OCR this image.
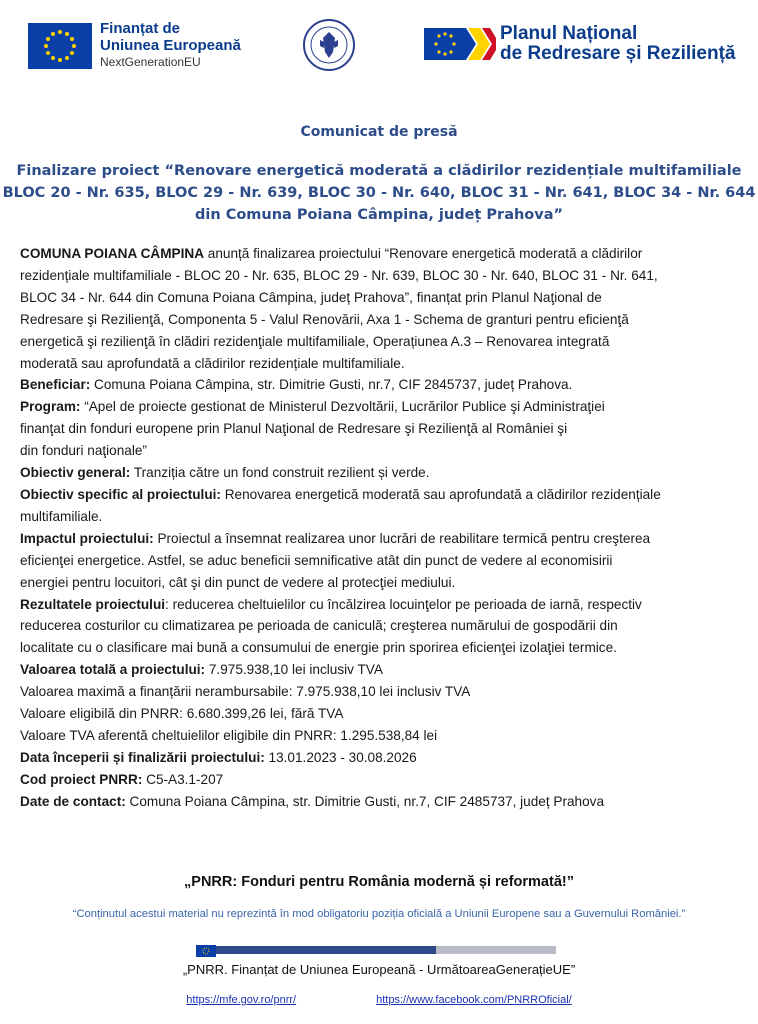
Finanțat de
Uniunea Europeană
NextGenerationEU
Planul Național
de Redresare și Reziliență
Comunicat de presă
Finalizare proiect “Renovare energetică moderată a clădirilor rezidențiale multifamiliale
BLOC 20 - Nr. 635, BLOC 29 - Nr. 639, BLOC 30 - Nr. 640, BLOC 31 - Nr. 641, BLOC 34 - Nr. 644
din Comuna Poiana Câmpina, județ Prahova”

COMUNA POIANA CÂMPINA anunță finalizarea proiectului “Renovare energetică moderată a clădirilor
rezidențiale multifamiliale - BLOC 20 - Nr. 635, BLOC 29 - Nr. 639, BLOC 30 - Nr. 640, BLOC 31 - Nr. 641,
BLOC 34 - Nr. 644 din Comuna Poiana Câmpina, județ Prahova”, finanțat prin Planul Naţional de
Redresare şi Rezilienţă, Componenta 5 - Valul Renovării, Axa 1 - Schema de granturi pentru eficienţă
energetică şi rezilienţă în clădiri rezidenţiale multifamiliale, Operațiunea A.3 – Renovarea integrată
moderată sau aprofundată a clădirilor rezidențiale multifamiliale.

Beneficiar: Comuna Poiana Câmpina, str. Dimitrie Gusti, nr.7, CIF 2845737, județ Prahova.

Program: “Apel de proiecte gestionat de Ministerul Dezvoltării, Lucrărilor Publice şi Administraţiei
finanţat din fonduri europene prin Planul Naţional de Redresare şi Rezilienţă al României şi
din fonduri naţionale”

Obiectiv general: Tranziția către un fond construit rezilient și verde.

Obiectiv specific al proiectului: Renovarea energetică moderată sau aprofundată a clădirilor rezidențiale
multifamiliale.

Impactul proiectului: Proiectul a însemnat realizarea unor lucrări de reabilitare termică pentru creşterea
eficienţei energetice. Astfel, se aduc beneficii semnificative atât din punct de vedere al economisirii
energiei pentru locuitori, cât şi din punct de vedere al protecţiei mediului.

Rezultatele proiectului: reducerea cheltuielilor cu încălzirea locuinţelor pe perioada de iarnă, respectiv
reducerea costurilor cu climatizarea pe perioada de caniculă; creşterea numărului de gospodării din
localitate cu o clasificare mai bună a consumului de energie prin sporirea eficienţei izolaţiei termice.

Valoarea totală a proiectului: 7.975.938,10 lei inclusiv TVA

Valoarea maximă a finanțării nerambursabile: 7.975.938,10 lei inclusiv TVA

Valoare eligibilă din PNRR: 6.680.399,26 lei, fără TVA

Valoare TVA aferentă cheltuielilor eligibile din PNRR: 1.295.538,84 lei

Data începerii și finalizării proiectului: 13.01.2023 - 30.08.2026

Cod proiect PNRR: C5-A3.1-207

Date de contact: Comuna Poiana Câmpina, str. Dimitrie Gusti, nr.7, CIF 2485737, județ Prahova

„PNRR: Fonduri pentru România modernă și reformată!”
“Conținutul acestui material nu reprezintă în mod obligatoriu poziția oficială a Uniunii Europene sau a Guvernului României.”
„PNRR. Finanțat de Uniunea Europeană - UrmătoareaGenerațieUE”
https://mfe.gov.ro/pnrr/	https://www.facebook.com/PNRROficial/
